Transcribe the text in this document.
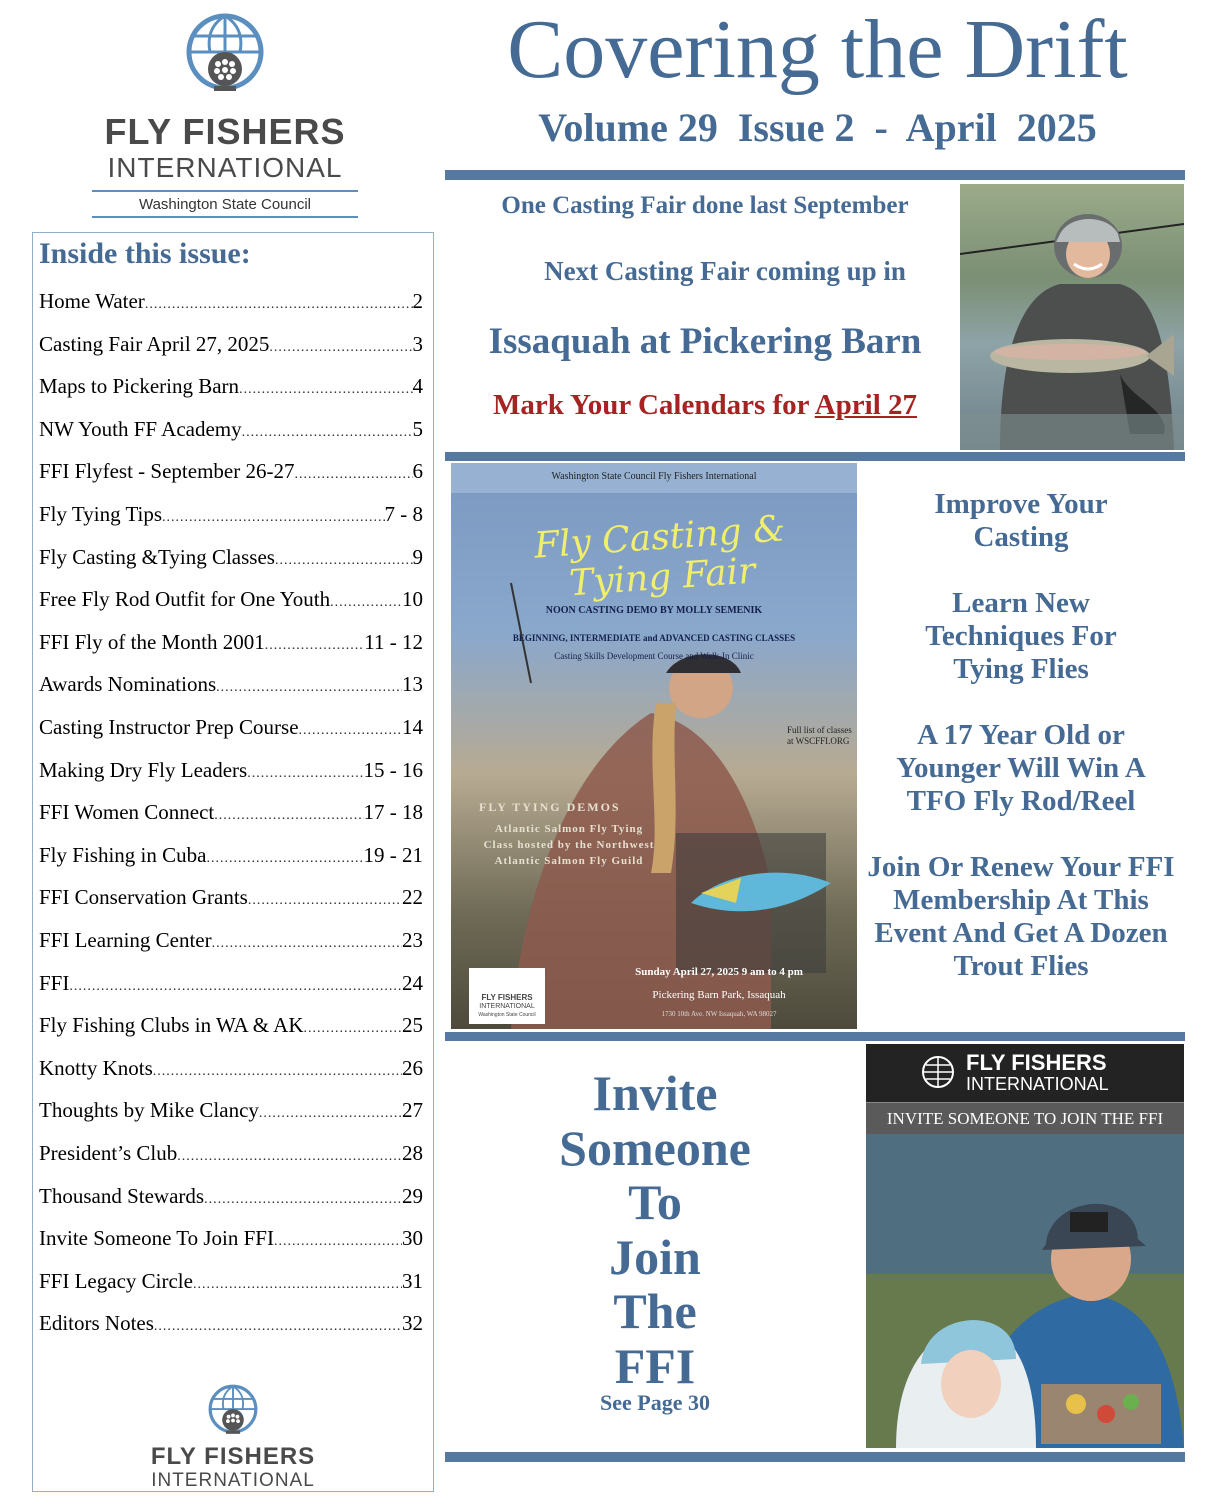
FLY FISHERS
INTERNATIONAL
Washington State Council
Covering the Drift
Volume 29  Issue 2  -  April  2025
Inside this issue:
Home Water .....	2
Casting Fair April 27, 2025 .....	3
Maps to Pickering Barn .....	4
NW Youth FF Academy .....	5
FFI Flyfest - September 26-27 .....	6
Fly Tying Tips .....	7 - 8
Fly Casting &Tying Classes .....	9
Free Fly Rod Outfit for One Youth .....	10
FFI Fly of the Month 2001 .....	11 - 12
Awards Nominations .....	13
Casting Instructor Prep Course .....	14
Making Dry Fly Leaders .....	15 - 16
FFI Women Connect .....	17 - 18
Fly Fishing in Cuba .....	19 - 21
FFI Conservation Grants .....	22
FFI Learning Center .....	23
FFI .....	24
Fly Fishing Clubs in WA & AK .....	25
Knotty Knots .....	26
Thoughts by Mike Clancy .....	27
President’s Club .....	28
Thousand Stewards .....	29
Invite Someone To Join FFI .....	30
FFI Legacy Circle .....	31
Editors Notes .....	32
FLY FISHERS
INTERNATIONAL
One Casting Fair done last September
Next Casting Fair coming up in
Issaquah at Pickering Barn
Mark Your Calendars for April 27
Washington State Council Fly Fishers International
Fly Casting & Tying Fair
NOON CASTING DEMO BY MOLLY SEMENIK
BEGINNING, INTERMEDIATE and ADVANCED CASTING CLASSES
Casting Skills Development Course and Walk-In Clinic
Full list of classes at WSCFFI.ORG
FLY TYING DEMOS
Atlantic Salmon Fly Tying Class hosted by the Northwest Atlantic Salmon Fly Guild
Sunday April 27, 2025 9 am to 4 pm
Pickering Barn Park, Issaquah
1730 10th Ave. NW Issaquah, WA 98027
FLY FISHERS
INTERNATIONAL
Washington State Council
Improve Your Casting
Learn New Techniques For Tying Flies
A 17 Year Old or Younger Will Win A TFO Fly Rod/Reel
Join Or Renew Your FFI Membership At This Event And Get A Dozen Trout Flies
Invite
Someone
To
Join
The
FFI
See Page 30
FLY FISHERS
INTERNATIONAL
INVITE SOMEONE TO JOIN THE FFI
